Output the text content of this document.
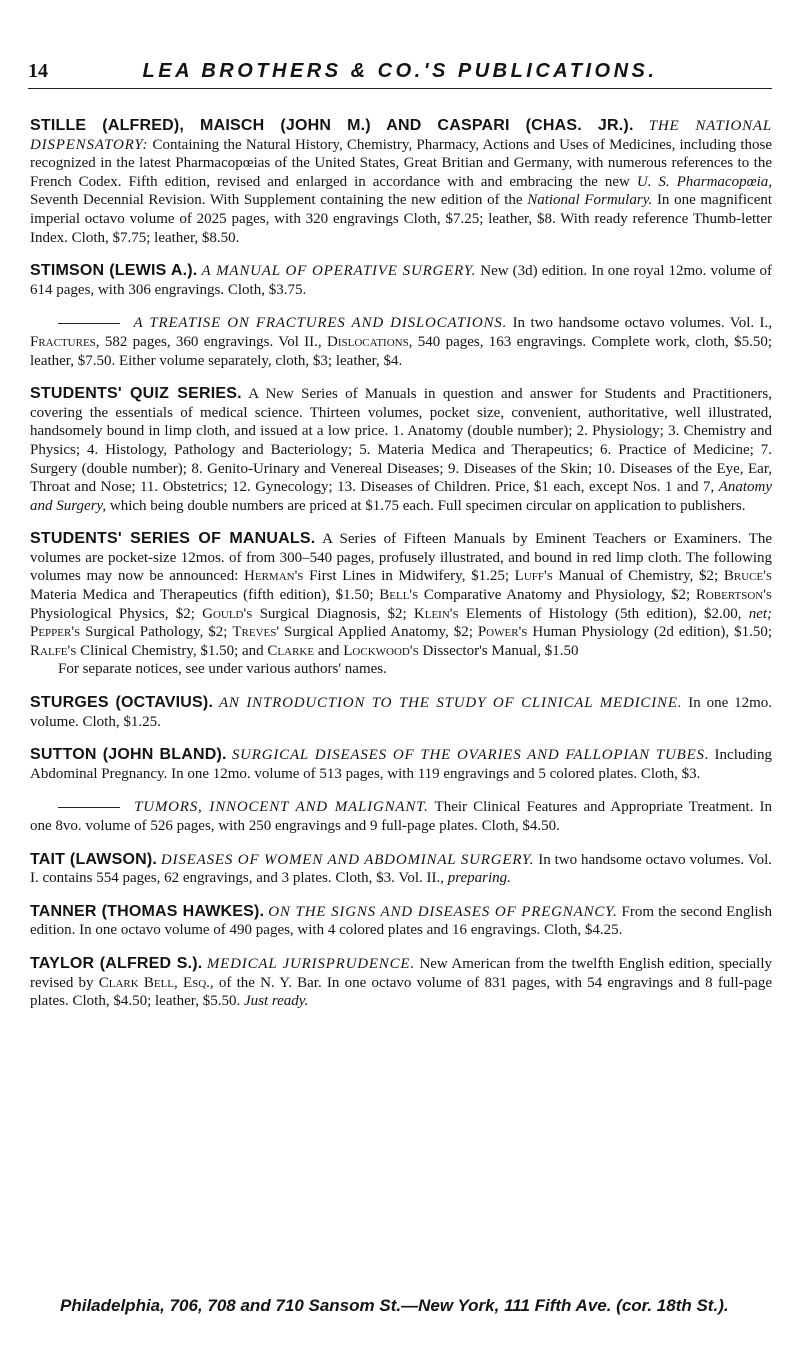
14	LEA BROTHERS & CO.'S PUBLICATIONS.

STILLE (ALFRED), MAISCH (JOHN M.) AND CASPARI (CHAS. JR.). THE NATIONAL DISPENSATORY: Containing the Natural History, Chemistry, Pharmacy, Actions and Uses of Medicines, including those recognized in the latest Pharmacopœias of the United States, Great Britian and Germany, with numerous references to the French Codex. Fifth edition, revised and enlarged in accordance with and embracing the new U. S. Pharmacopœia, Seventh Decennial Revision. With Supplement containing the new edition of the National Formulary. In one magnificent imperial octavo volume of 2025 pages, with 320 engravings Cloth, $7.25; leather, $8. With ready reference Thumb-letter Index. Cloth, $7.75; leather, $8.50.

STIMSON (LEWIS A.). A MANUAL OF OPERATIVE SURGERY. New (3d) edition. In one royal 12mo. volume of 614 pages, with 306 engravings. Cloth, $3.75.

A TREATISE ON FRACTURES AND DISLOCATIONS. In two handsome octavo volumes. Vol. I., Fractures, 582 pages, 360 engravings. Vol II., Dislocations, 540 pages, 163 engravings. Complete work, cloth, $5.50; leather, $7.50. Either volume separately, cloth, $3; leather, $4.

STUDENTS' QUIZ SERIES. A New Series of Manuals in question and answer for Students and Practitioners, covering the essentials of medical science. Thirteen volumes, pocket size, convenient, authoritative, well illustrated, handsomely bound in limp cloth, and issued at a low price. 1. Anatomy (double number); 2. Physiology; 3. Chemistry and Physics; 4. Histology, Pathology and Bacteriology; 5. Materia Medica and Therapeutics; 6. Practice of Medicine; 7. Surgery (double number); 8. Genito-Urinary and Venereal Diseases; 9. Diseases of the Skin; 10. Diseases of the Eye, Ear, Throat and Nose; 11. Obstetrics; 12. Gynecology; 13. Diseases of Children. Price, $1 each, except Nos. 1 and 7, Anatomy and Surgery, which being double numbers are priced at $1.75 each. Full specimen circular on application to publishers.

STUDENTS' SERIES OF MANUALS. A Series of Fifteen Manuals by Eminent Teachers or Examiners. The volumes are pocket-size 12mos. of from 300–540 pages, profusely illustrated, and bound in red limp cloth. The following volumes may now be announced: Herman's First Lines in Midwifery, $1.25; Luff's Manual of Chemistry, $2; Bruce's Materia Medica and Therapeutics (fifth edition), $1.50; Bell's Comparative Anatomy and Physiology, $2; Robertson's Physiological Physics, $2; Gould's Surgical Diagnosis, $2; Klein's Elements of Histology (5th edition), $2.00, net; Pepper's Surgical Pathology, $2; Treves' Surgical Applied Anatomy, $2; Power's Human Physiology (2d edition), $1.50; Ralfe's Clinical Chemistry, $1.50; and Clarke and Lockwood's Dissector's Manual, $1.50

For separate notices, see under various authors' names.

STURGES (OCTAVIUS). AN INTRODUCTION TO THE STUDY OF CLINICAL MEDICINE. In one 12mo. volume. Cloth, $1.25.

SUTTON (JOHN BLAND). SURGICAL DISEASES OF THE OVARIES AND FALLOPIAN TUBES. Including Abdominal Pregnancy. In one 12mo. volume of 513 pages, with 119 engravings and 5 colored plates. Cloth, $3.

TUMORS, INNOCENT AND MALIGNANT. Their Clinical Features and Appropriate Treatment. In one 8vo. volume of 526 pages, with 250 engravings and 9 full-page plates. Cloth, $4.50.

TAIT (LAWSON). DISEASES OF WOMEN AND ABDOMINAL SURGERY. In two handsome octavo volumes. Vol. I. contains 554 pages, 62 engravings, and 3 plates. Cloth, $3. Vol. II., preparing.

TANNER (THOMAS HAWKES). ON THE SIGNS AND DISEASES OF PREGNANCY. From the second English edition. In one octavo volume of 490 pages, with 4 colored plates and 16 engravings. Cloth, $4.25.

TAYLOR (ALFRED S.). MEDICAL JURISPRUDENCE. New American from the twelfth English edition, specially revised by Clark Bell, Esq., of the N. Y. Bar. In one octavo volume of 831 pages, with 54 engravings and 8 full-page plates. Cloth, $4.50; leather, $5.50. Just ready.

Philadelphia, 706, 708 and 710 Sansom St.—New York, 111 Fifth Ave. (cor. 18th St.).
